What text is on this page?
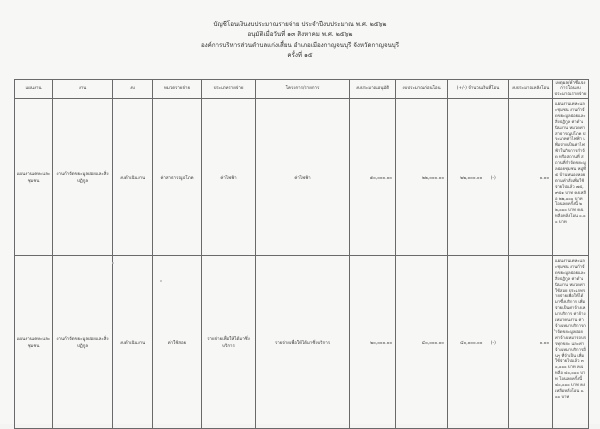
บัญชีโอนเงินงบประมาณรายจ่าย ประจำปีงบประมาณ พ.ศ. ๒๕๖๒
อนุมัติเมื่อวันที่ ๑๓ สิงหาคม พ.ศ. ๒๕๖๒
องค์การบริหารส่วนตำบลแก่งเสี้ยน อำเภอเมืองกาญจนบุรี จังหวัดกาญจนบุรี
ครั้งที่ ๑๕
แผนงาน	งาน	งบ	หมวดรายจ่าย	ประเภทรายจ่าย	โครงการ/รายการ	งบประมาณอนุมัติ	งบประมาณก่อนโอน	(+/-) จำนวนเงินที่โอน	งบประมาณหลังโอน	เหตุผล/คำชี้แจงการโอนงบประมาณรายจ่าย
แผนงานเคหะและชุมชน	งานกำจัดขยะมูลฝอยและสิ่งปฏิกูล	งบดำเนินงาน	ค่าสาธารณูปโภค	ค่าไฟฟ้า	ค่าไฟฟ้า	๕๐,๐๐๐.๐๐	๒๒,๐๐๐.๐๐	๒๒,๐๐๐.๐๐ (-)	๐.๐๐	แผนงานเคหะและชุมชน งานกำจัดขยะมูลฝอยและสิ่งปฏิกูล ค่าดำเนินงาน หมวดค่าสาธารณูปโภค ประเภทค่าไฟฟ้า เพื่อจ่ายเป็นค่าไฟฟ้าในกิจการกำจัด หรือสถานที่ สถานที่กำจัดขยะมูลฝอยชุมชน หมู่ที่ ๕ บ้านหนองหอย ตามคำสั่งเพื่อใช้จ่ายไปแล้ว ๗๕,๙๕๑ บาท คงเหลือ ๒๒,๐๐๐ บาท โอนลดครั้งนี้ ๒๒,๐๐๐ บาท คงเหลือหลังโอน ๐.๐๐ บาท
แผนงานเคหะและชุมชน	งานกำจัดขยะมูลฝอยและสิ่งปฏิกูล	งบดำเนินงาน	ค่าใช้สอย	รายจ่ายเพื่อให้ได้มาซึ่งบริการ	รายจ่ายเพื่อให้ได้มาซึ่งบริการ	๒๐,๐๐๐.๐๐	๔๐,๐๐๐.๐๐	๔๐,๐๐๐.๐๐ (-)	๐.๐๐	แผนงานเคหะและชุมชน งานกำจัดขยะมูลฝอยและสิ่งปฏิกูล ค่าดำเนินงาน หมวดค่าใช้สอย ประเภทรายจ่ายเพื่อให้ได้มาซึ่งบริการ เพื่อจ่ายเป็นค่าจ้างเหมาบริการ ค่าจ้างเหมาคนงาน ค่าจ้างเหมาบริการกำจัดขยะมูลฝอย ค่าจ้างเหมารถบรรทุกขยะ และค่าจ้างเหมาบริการอื่นๆ ที่จำเป็น เพื่อใช้จ่ายไปแล้ว ๓๐,๐๐๐ บาท คงเหลือ ๔๐,๐๐๐ บาท โอนลดครั้งนี้ ๔๐,๐๐๐ บาท คงเหลือหลังโอน ๐.๐๐ บาท
